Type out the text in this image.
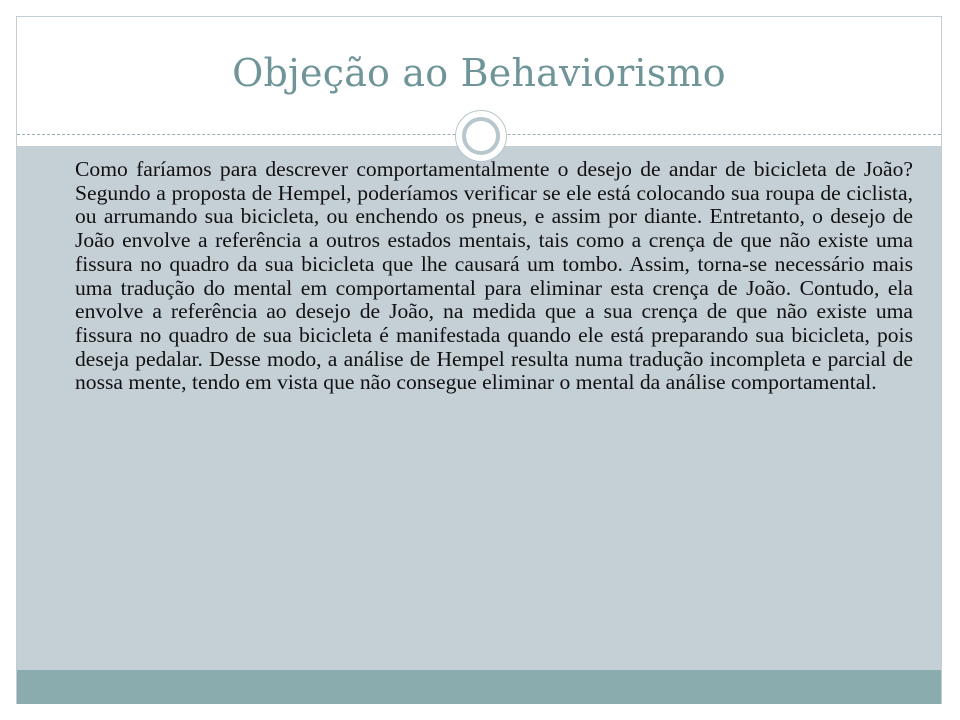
Objeção ao Behaviorismo

Como faríamos para descrever comportamentalmente o desejo de andar de bicicleta de João? Segundo a proposta de Hempel, poderíamos verificar se ele está colocando sua roupa de ciclista, ou arrumando sua bicicleta, ou enchendo os pneus, e assim por diante. Entretanto, o desejo de João envolve a referência a outros estados mentais, tais como a crença de que não existe uma fissura no quadro da sua bicicleta que lhe causará um tombo. Assim, torna-se necessário mais uma tradução do mental em comportamental para eliminar esta crença de João. Contudo, ela envolve a referência ao desejo de João, na medida que a sua crença de que não existe uma fissura no quadro de sua bicicleta é manifestada quando ele está preparando sua bicicleta, pois deseja pedalar. Desse modo, a análise de Hempel resulta numa tradução incompleta e parcial de nossa mente, tendo em vista que não consegue eliminar o mental da análise comportamental.
